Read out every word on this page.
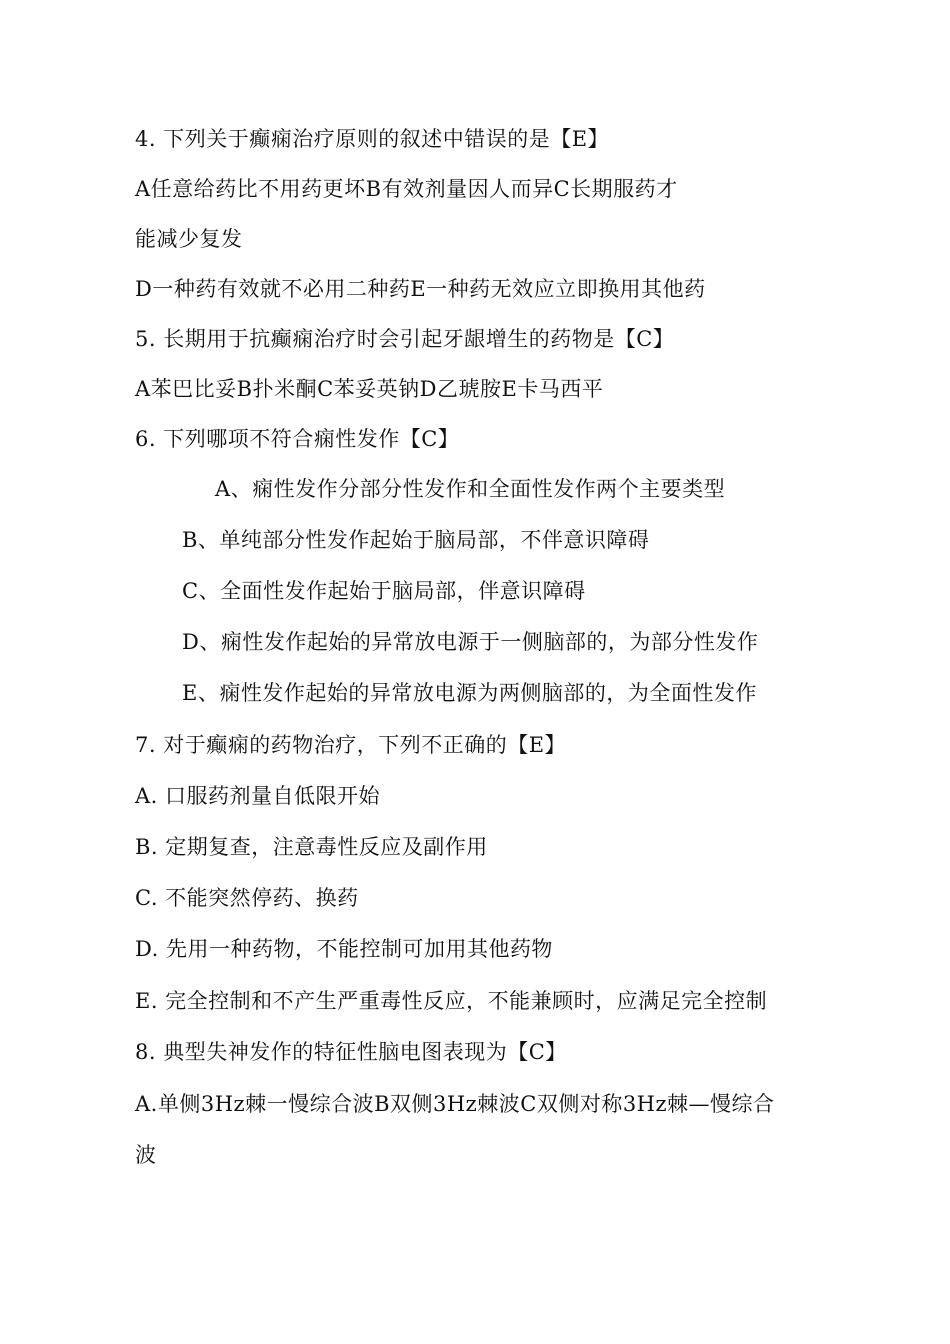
4. 下列关于癫痫治疗原则的叙述中错误的是【E】
A任意给药比不用药更坏B有效剂量因人而异C长期服药才
能减少复发
D一种药有效就不必用二种药E一种药无效应立即换用其他药
5. 长期用于抗癫痫治疗时会引起牙龈增生的药物是【C】
A苯巴比妥B扑米酮C苯妥英钠D乙琥胺E卡马西平
6. 下列哪项不符合痫性发作【C】
A、痫性发作分部分性发作和全面性发作两个主要类型
B、单纯部分性发作起始于脑局部，不伴意识障碍
C、全面性发作起始于脑局部，伴意识障碍
D、痫性发作起始的异常放电源于一侧脑部的，为部分性发作
E、痫性发作起始的异常放电源为两侧脑部的，为全面性发作
7. 对于癫痫的药物治疗，下列不正确的【E】
A. 口服药剂量自低限开始
B. 定期复查，注意毒性反应及副作用
C. 不能突然停药、换药
D. 先用一种药物，不能控制可加用其他药物
E. 完全控制和不产生严重毒性反应，不能兼顾时，应满足完全控制
8. 典型失神发作的特征性脑电图表现为【C】
A.单侧3Hz棘一慢综合波B双侧3Hz棘波C双侧对称3Hz棘—慢综合
波
